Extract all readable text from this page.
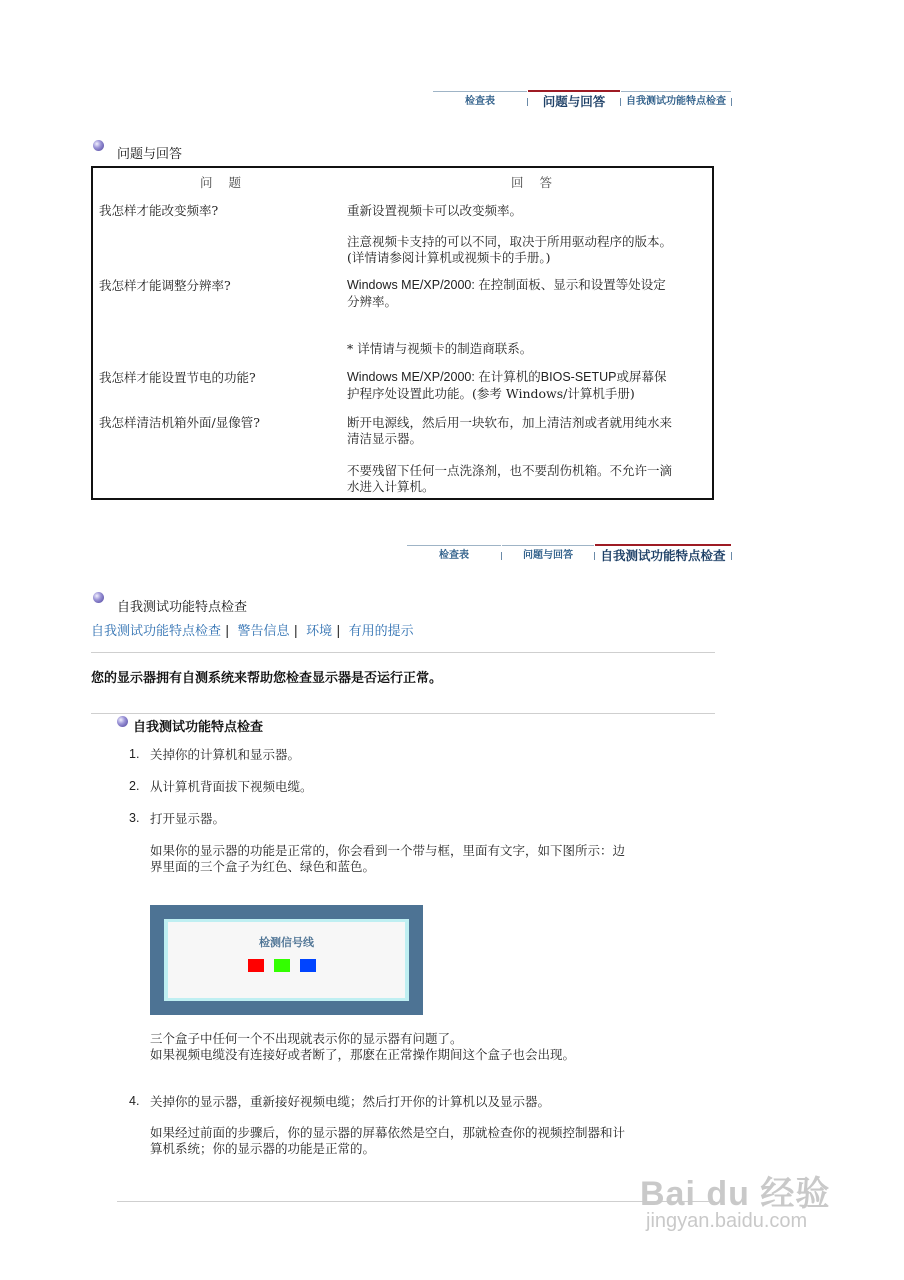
检查表	问题与回答	自我测试功能特点检查
问题与回答
问 题	回 答
我怎样才能改变频率?	重新设置视频卡可以改变频率。
注意视频卡支持的可以不同，取决于所用驱动程序的版本。
(详情请参阅计算机或视频卡的手册。)
我怎样才能调整分辨率?	Windows ME/XP/2000: 在控制面板、显示和设置等处设定
分辨率。
* 详情请与视频卡的制造商联系。
我怎样才能设置节电的功能?	Windows ME/XP/2000: 在计算机的BIOS-SETUP或屏幕保
护程序处设置此功能。(参考 Windows/计算机手册)
我怎样清洁机箱外面/显像管?	断开电源线，然后用一块软布，加上清洁剂或者就用纯水来
清洁显示器。
不要残留下任何一点洗涤剂，也不要刮伤机箱。不允许一滴
水进入计算机。
检查表	问题与回答	自我测试功能特点检查
自我测试功能特点检查
自我测试功能特点检查 | 警告信息 | 环境 | 有用的提示
您的显示器拥有自测系统来帮助您检查显示器是否运行正常。
自我测试功能特点检查
1. 关掉你的计算机和显示器。
2. 从计算机背面拔下视频电缆。
3. 打开显示器。
如果你的显示器的功能是正常的，你会看到一个带与框，里面有文字，如下图所示：边
界里面的三个盒子为红色、绿色和蓝色。
检测信号线
三个盒子中任何一个不出现就表示你的显示器有问题了。
如果视频电缆没有连接好或者断了，那麽在正常操作期间这个盒子也会出现。
4. 关掉你的显示器，重新接好视频电缆；然后打开你的计算机以及显示器。
如果经过前面的步骤后，你的显示器的屏幕依然是空白，那就检查你的视频控制器和计
算机系统；你的显示器的功能是正常的。
Bai du 经验
jingyan.baidu.com
